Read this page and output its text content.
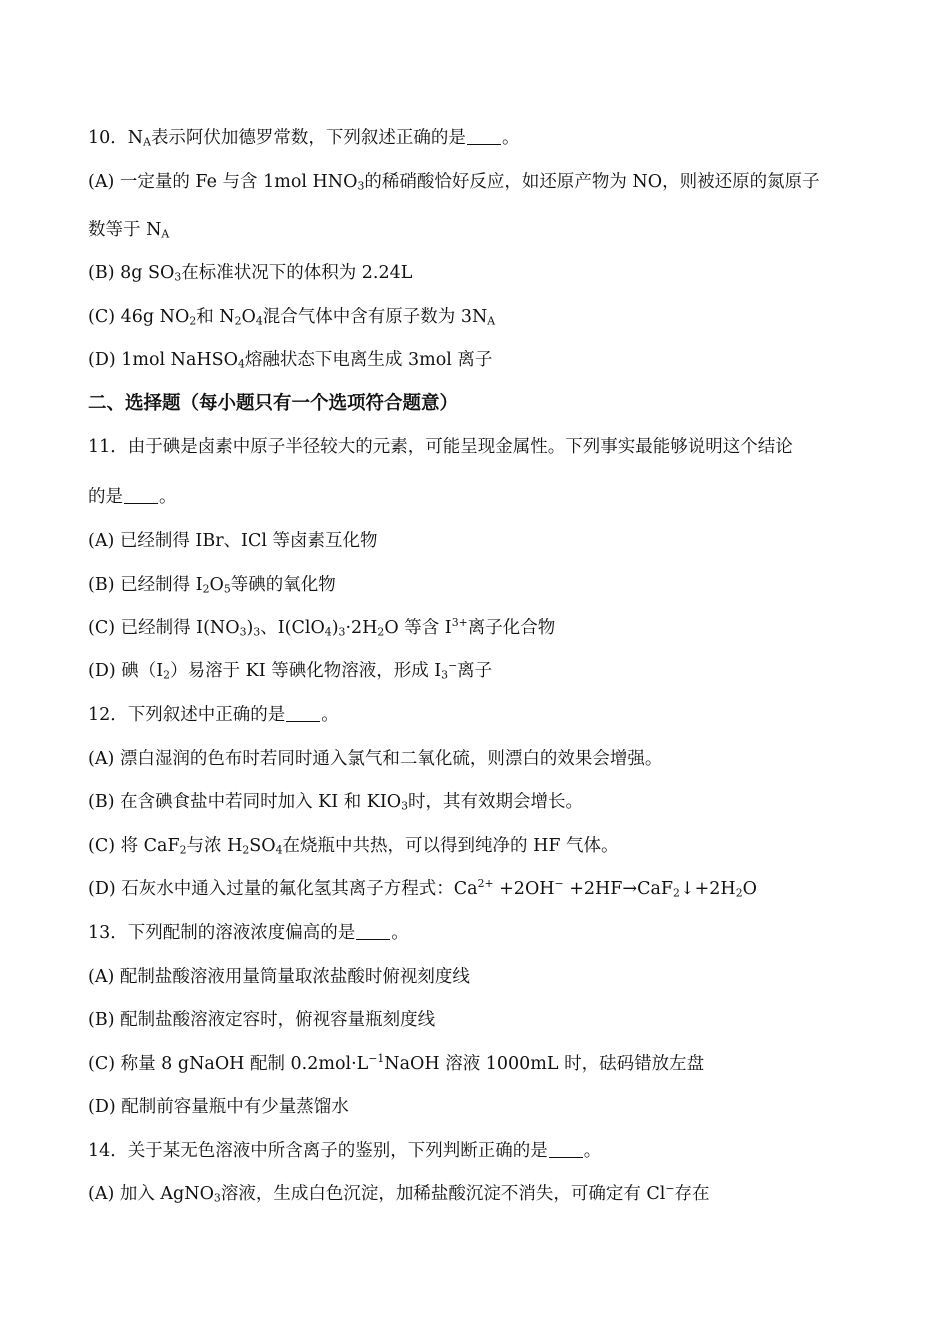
10．$N_A$表示阿伏加德罗常数，下列叙述正确的是 。
(A) 一定量的 Fe 与含 1mol $HNO_3$的稀硝酸恰好反应，如还原产物为 NO，则被还原的氮原子
数等于 $N_A$
(B) 8g $SO_3$在标准状况下的体积为 2.24L
(C) 46g $NO_2$和 $N_2O_4$混合气体中含有原子数为 $3N_A$
(D) 1mol NaHSO$_4$熔融状态下电离生成 3mol 离子
二、选择题（每小题只有一个选项符合题意）
11．由于碘是卤素中原子半径较大的元素，可能呈现金属性。下列事实最能够说明这个结论
的是 。
(A) 已经制得 IBr、ICl 等卤素互化物
(B) 已经制得 $I_2O_5$等碘的氧化物
(C) 已经制得 $I(NO_3)_3$、$I(ClO_4)_3\cdot 2H_2O$ 等含 $I^{3+}$离子化合物
(D) 碘$(I_2)$易溶于 KI 等碘化物溶液，形成 $I_3^-$离子
12．下列叙述中正确的是 。
(A) 漂白湿润的色布时若同时通入氯气和二氧化硫，则漂白的效果会增强。
(B) 在含碘食盐中若同时加入 KI 和 $KIO_3$时，其有效期会增长。
(C) 将 CaF$_2$与浓 $H_2SO_4$在烧瓶中共热，可以得到纯净的 HF 气体。
(D) 石灰水中通入过量的氟化氢其离子方程式：$Ca^{2+} +2OH^-$ $+2HF\to CaF_2↓+2H_2O$
13．下列配制的溶液浓度偏高的是 。
(A) 配制盐酸溶液用量筒量取浓盐酸时俯视刻度线
(B) 配制盐酸溶液定容时，俯视容量瓶刻度线
(C) 称量 8 gNaOH 配制 $0.2mol\cdot L^{-1}NaOH$ 溶液 1000mL 时，砝码错放左盘
(D) 配制前容量瓶中有少量蒸馏水
14．关于某无色溶液中所含离子的鉴别，下列判断正确的是 。
(A) 加入 AgNO$_3$溶液，生成白色沉淀，加稀盐酸沉淀不消失，可确定有 Cl−存在
